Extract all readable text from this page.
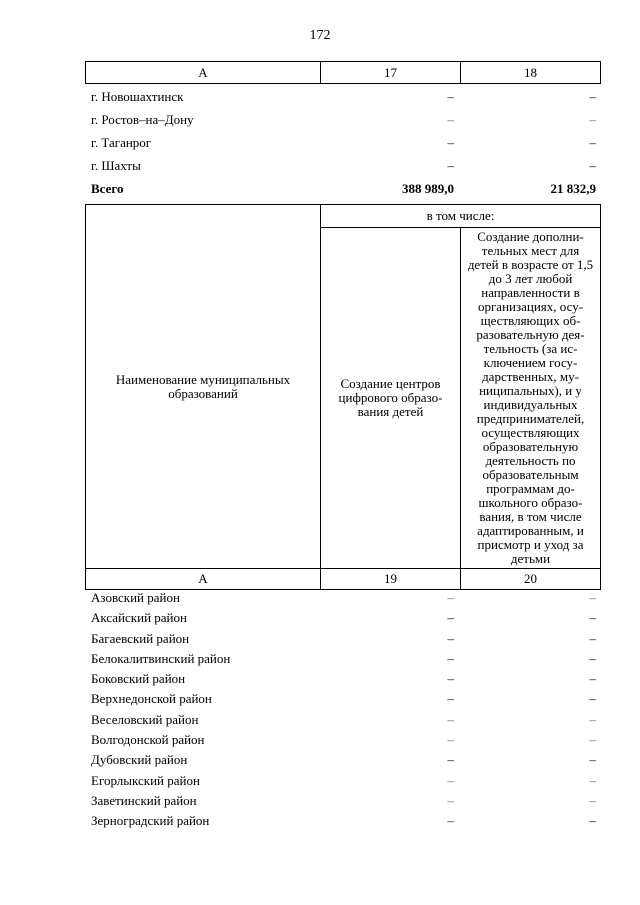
172
А	17	18
г. Новошахтинск	–	–
г. Ростов–на–Дону	–	–
г. Таганрог	–	–
г. Шахты	–	–
Всего	388 989,0	21 832,9
Наименование муниципальных образований	в том числе:	
	Создание центров цифрового образо-вания детей	Создание дополни-тельных мест для детей в возрасте от 1,5 до 3 лет любой направленности в организациях, осу-ществляющих об-разовательную дея-тельность (за ис-ключением госу-дарственных, му-ниципальных), и у индивидуальных предпринимателей, осуществляющих образовательную деятельность по образовательным программам до-школьного образо-вания, в том числе адаптированным, и присмотр и уход за детьми
А	19	20
Азовский район	–	–
Аксайский район	–	–
Багаевский район	–	–
Белокалитвинский район	–	–
Боковский район	–	–
Верхнедонской район	–	–
Веселовский район	–	–
Волгодонской район	–	–
Дубовский район	–	–
Егорлыкский район	–	–
Заветинский район	–	–
Зерноградский район	–	–
